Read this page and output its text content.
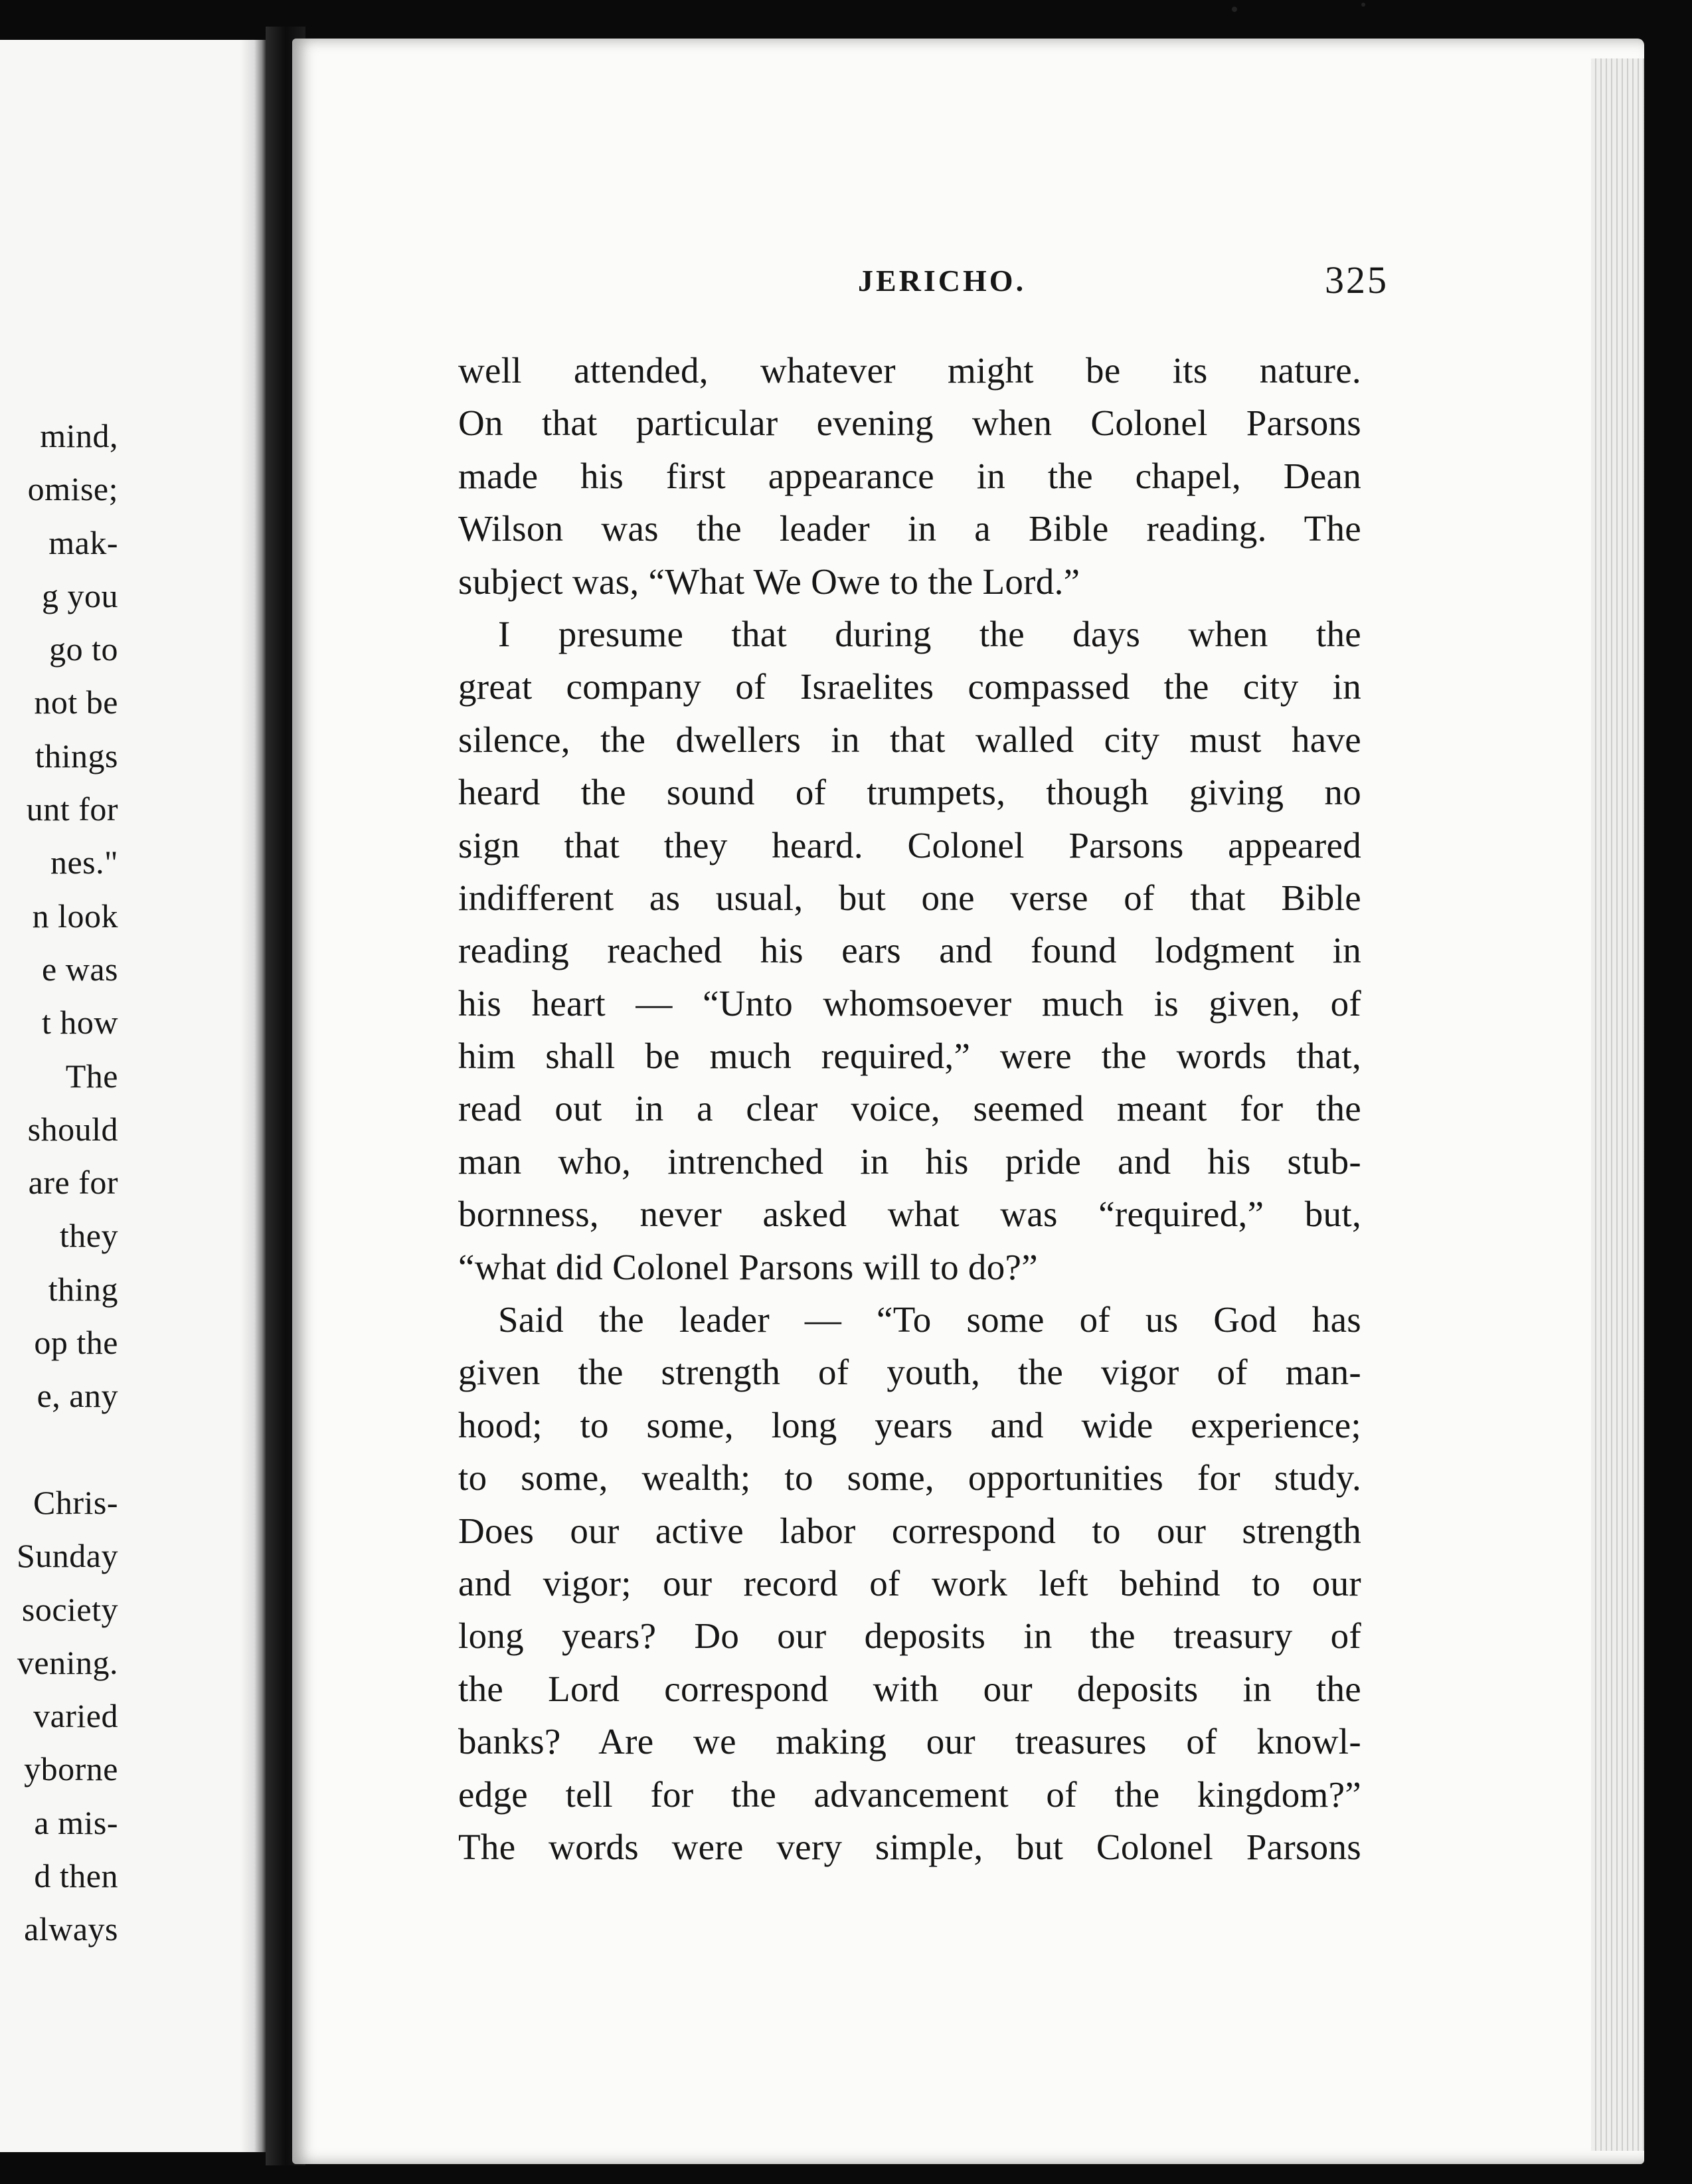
mind,
omise;
mak-
g you
go to
not be
things
unt for
nes."
n look
e was
t how
The
should
are for
they
thing
op the
e, any
Chris-
Sunday
society
vening.
varied
yborne
a mis-
d then
always
JERICHO.	325
well attended, whatever might be its nature.
On that particular evening when Colonel Parsons
made his first appearance in the chapel, Dean
Wilson was the leader in a Bible reading. The
subject was, “What We Owe to the Lord.”
I presume that during the days when the
great company of Israelites compassed the city in
silence, the dwellers in that walled city must have
heard the sound of trumpets, though giving no
sign that they heard. Colonel Parsons appeared
indifferent as usual, but one verse of that Bible
reading reached his ears and found lodgment in
his heart — “Unto whomsoever much is given, of
him shall be much required,” were the words that,
read out in a clear voice, seemed meant for the
man who, intrenched in his pride and his stub-
bornness, never asked what was “required,” but,
“what did Colonel Parsons will to do?”
Said the leader — “To some of us God has
given the strength of youth, the vigor of man-
hood; to some, long years and wide experience;
to some, wealth; to some, opportunities for study.
Does our active labor correspond to our strength
and vigor; our record of work left behind to our
long years? Do our deposits in the treasury of
the Lord correspond with our deposits in the
banks? Are we making our treasures of knowl-
edge tell for the advancement of the kingdom?”
The words were very simple, but Colonel Parsons
